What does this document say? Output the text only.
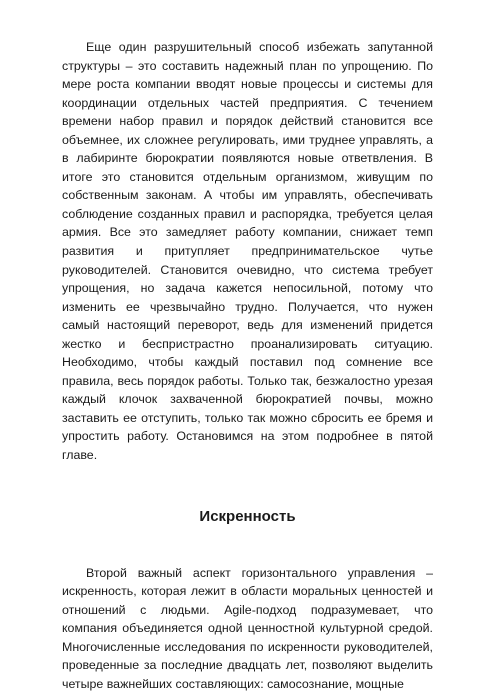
Еще один разрушительный способ избежать запутанной структуры – это составить надежный план по упрощению. По мере роста компании вводят новые процессы и системы для координации отдельных частей предприятия. С течением времени набор правил и порядок действий становится все объемнее, их сложнее регулировать, ими труднее управлять, а в лабиринте бюрократии появляются новые ответвления. В итоге это становится отдельным организмом, живущим по собственным законам. А чтобы им управлять, обеспечивать соблюдение созданных правил и распорядка, требуется целая армия. Все это замедляет работу компании, снижает темп развития и притупляет предпринимательское чутье руководителей. Становится очевидно, что система требует упрощения, но задача кажется непосильной, потому что изменить ее чрезвычайно трудно. Получается, что нужен самый настоящий переворот, ведь для изменений придется жестко и беспристрастно проанализировать ситуацию. Необходимо, чтобы каждый поставил под сомнение все правила, весь порядок работы. Только так, безжалостно урезая каждый клочок захваченной бюрократией почвы, можно заставить ее отступить, только так можно сбросить ее бремя и упростить работу. Остановимся на этом подробнее в пятой главе.

Искренность

Второй важный аспект горизонтального управления – искренность, которая лежит в области моральных ценностей и отношений с людьми. Agile-подход подразумевает, что компания объединяется одной ценностной культурной средой. Многочисленные исследования по искренности руководителей, проведенные за последние двадцать лет, позволяют выделить четыре важнейших составляющих: самосознание, мощные
